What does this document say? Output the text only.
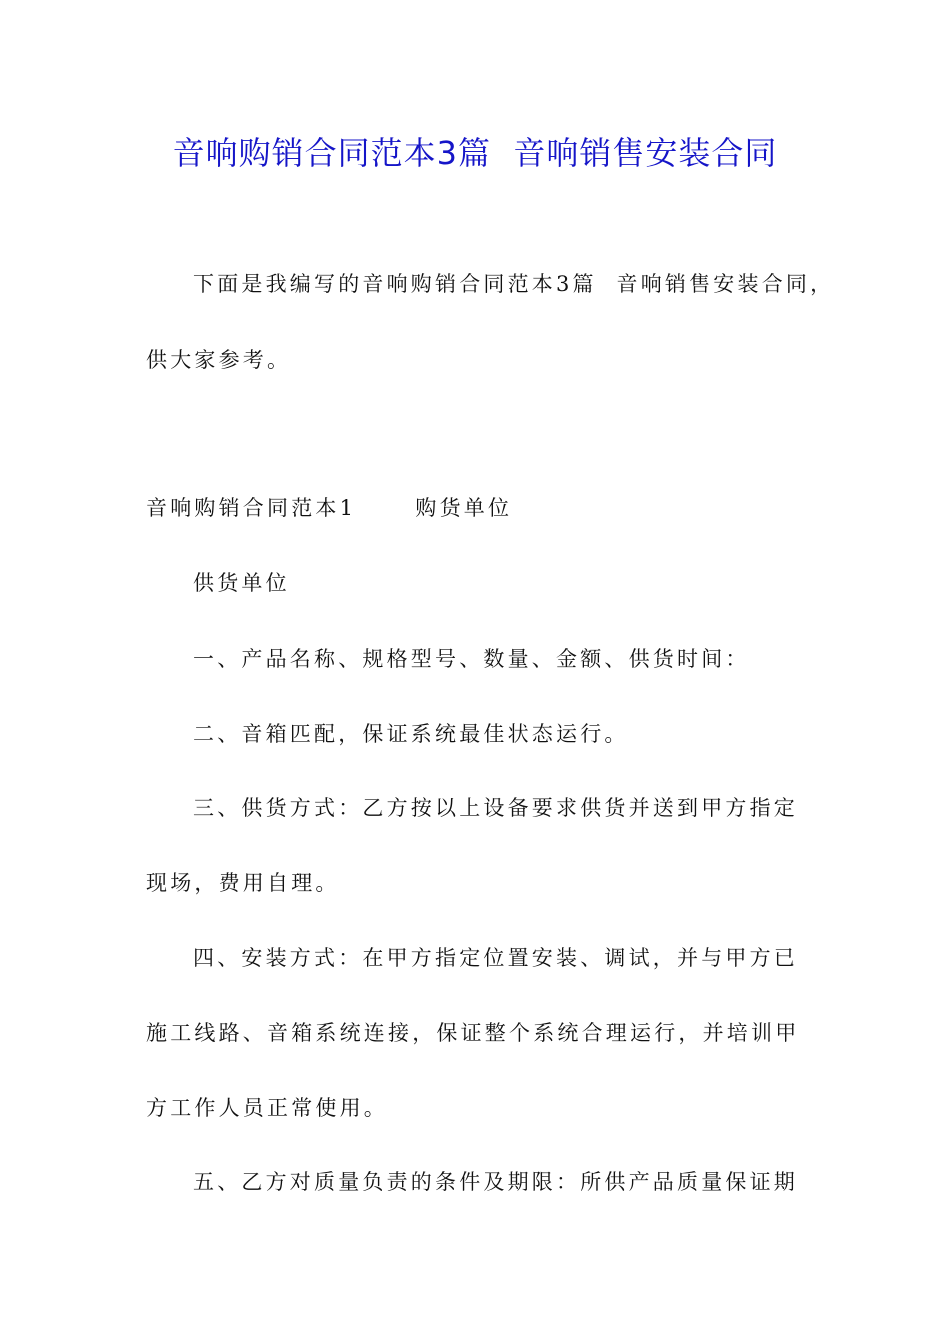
音响购销合同范本3篇  音响销售安装合同
下面是我编写的音响购销合同范本3篇  音响销售安装合同，
供大家参考。
音响购销合同范本1      购货单位
供货单位
一、产品名称、规格型号、数量、金额、供货时间：
二、音箱匹配，保证系统最佳状态运行。
三、供货方式：乙方按以上设备要求供货并送到甲方指定
现场，费用自理。
四、安装方式：在甲方指定位置安装、调试，并与甲方已
施工线路、音箱系统连接，保证整个系统合理运行，并培训甲
方工作人员正常使用。
五、乙方对质量负责的条件及期限：所供产品质量保证期
